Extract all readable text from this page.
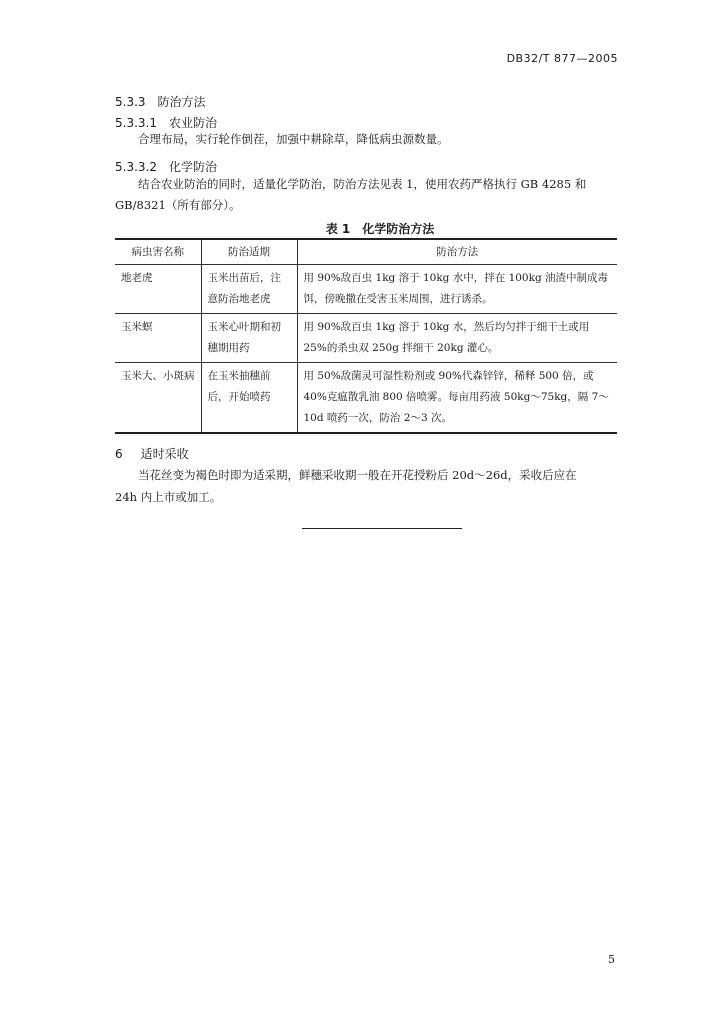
DB32/T 877—2005
5.3.3 防治方法
5.3.3.1 农业防治
合理布局，实行轮作倒茬，加强中耕除草，降低病虫源数量。
5.3.3.2 化学防治
结合农业防治的同时，适量化学防治，防治方法见表 1，使用农药严格执行 GB 4285 和
GB/8321（所有部分）。
表 1　化学防治方法
病虫害名称	防治适期	防治方法
地老虎	玉米出苗后，注意防治地老虎	用 90%敌百虫 1kg 溶于 10kg 水中，拌在 100kg 油渣中制成毒饵，傍晚撒在受害玉米周围，进行诱杀。
玉米螟	玉米心叶期和初穗期用药	用 90%敌百虫 1kg 溶于 10kg 水，然后均匀拌于细干土或用 25%的杀虫双 250g 拌细干 20kg 灌心。
玉米大、小斑病	在玉米抽穗前后，开始喷药	用 50%敌菌灵可湿性粉剂或 90%代森锌锌，稀释 500 倍，或 40%克瘟散乳油 800 倍喷雾。每亩用药液 50kg～75kg，隔 7～10d 喷药一次，防治 2～3 次。
6 适时采收
当花丝变为褐色时即为适采期，鲜穗采收期一般在开花授粉后 20d～26d，采收后应在
24h 内上市或加工。
5
